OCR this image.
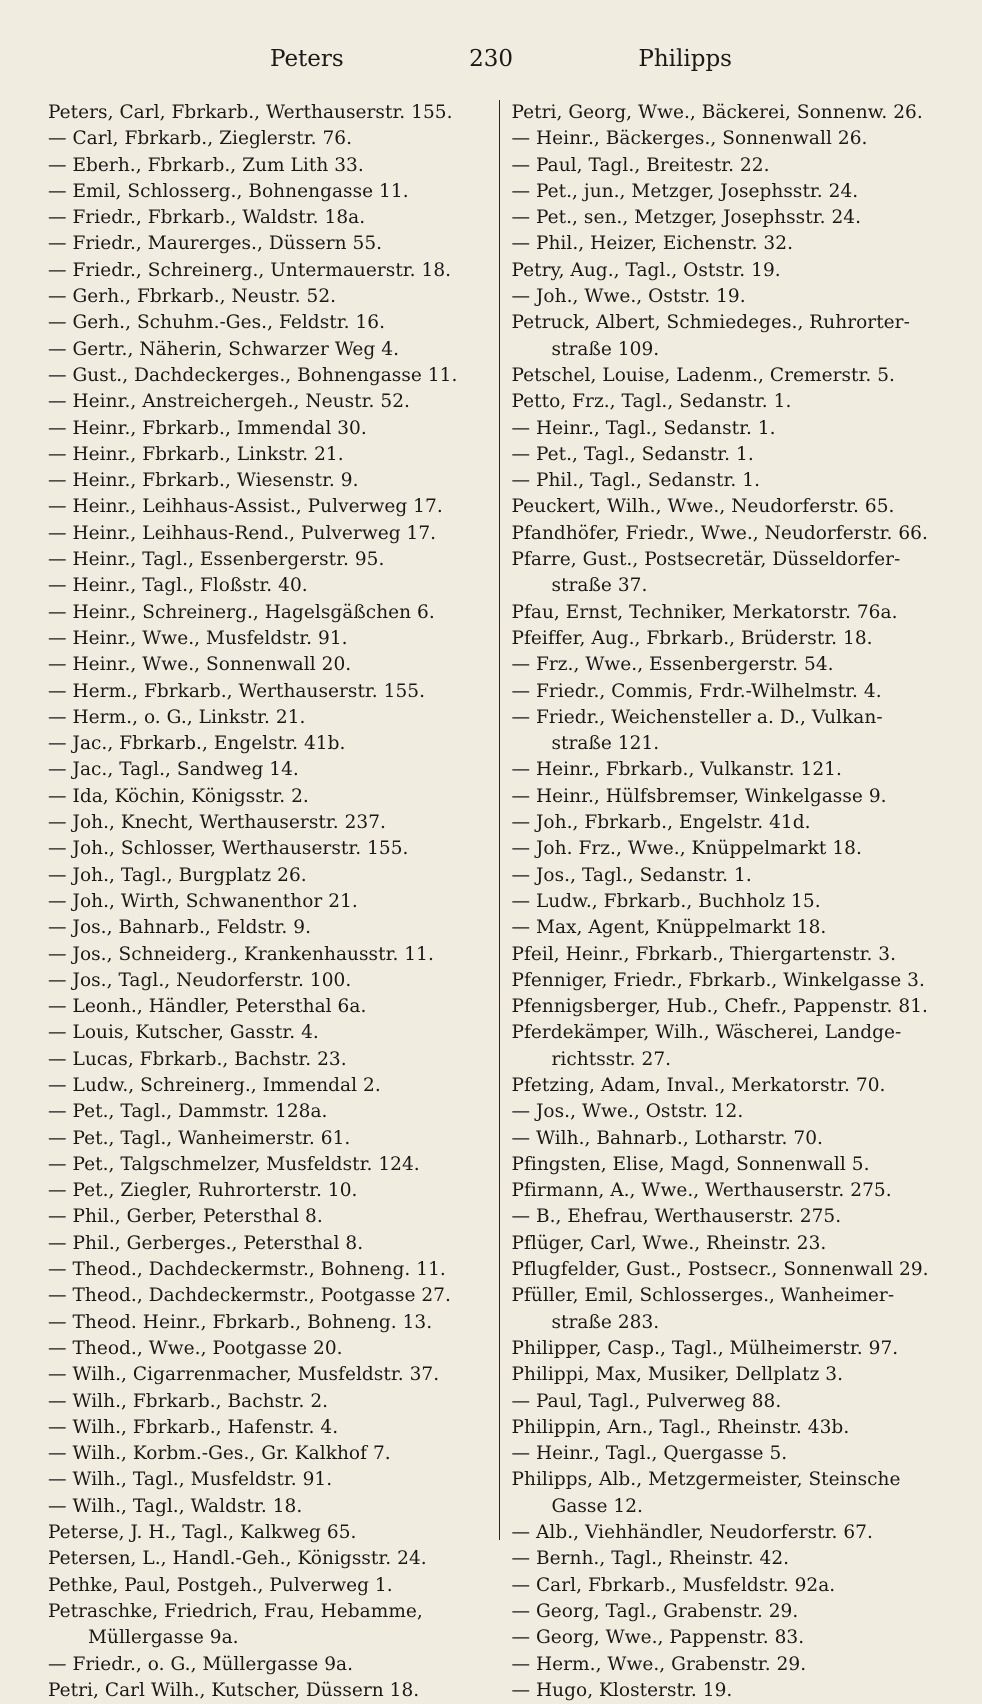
Peters	230	Philipps
Peters, Carl, Fbrkarb., Werthauserstr. 155.
— Carl, Fbrkarb., Zieglerstr. 76.
— Eberh., Fbrkarb., Zum Lith 33.
— Emil, Schlosserg., Bohnengasse 11.
— Friedr., Fbrkarb., Waldstr. 18a.
— Friedr., Maurerges., Düssern 55.
— Friedr., Schreinerg., Untermauerstr. 18.
— Gerh., Fbrkarb., Neustr. 52.
— Gerh., Schuhm.-Ges., Feldstr. 16.
— Gertr., Näherin, Schwarzer Weg 4.
— Gust., Dachdeckerges., Bohnengasse 11.
— Heinr., Anstreichergeh., Neustr. 52.
— Heinr., Fbrkarb., Immendal 30.
— Heinr., Fbrkarb., Linkstr. 21.
— Heinr., Fbrkarb., Wiesenstr. 9.
— Heinr., Leihhaus-Assist., Pulverweg 17.
— Heinr., Leihhaus-Rend., Pulverweg 17.
— Heinr., Tagl., Essenbergerstr. 95.
— Heinr., Tagl., Floßstr. 40.
— Heinr., Schreinerg., Hagelsgäßchen 6.
— Heinr., Wwe., Musfeldstr. 91.
— Heinr., Wwe., Sonnenwall 20.
— Herm., Fbrkarb., Werthauserstr. 155.
— Herm., o. G., Linkstr. 21.
— Jac., Fbrkarb., Engelstr. 41b.
— Jac., Tagl., Sandweg 14.
— Ida, Köchin, Königsstr. 2.
— Joh., Knecht, Werthauserstr. 237.
— Joh., Schlosser, Werthauserstr. 155.
— Joh., Tagl., Burgplatz 26.
— Joh., Wirth, Schwanenthor 21.
— Jos., Bahnarb., Feldstr. 9.
— Jos., Schneiderg., Krankenhausstr. 11.
— Jos., Tagl., Neudorferstr. 100.
— Leonh., Händler, Petersthal 6a.
— Louis, Kutscher, Gasstr. 4.
— Lucas, Fbrkarb., Bachstr. 23.
— Ludw., Schreinerg., Immendal 2.
— Pet., Tagl., Dammstr. 128a.
— Pet., Tagl., Wanheimerstr. 61.
— Pet., Talgschmelzer, Musfeldstr. 124.
— Pet., Ziegler, Ruhrorterstr. 10.
— Phil., Gerber, Petersthal 8.
— Phil., Gerberges., Petersthal 8.
— Theod., Dachdeckermstr., Bohneng. 11.
— Theod., Dachdeckermstr., Pootgasse 27.
— Theod. Heinr., Fbrkarb., Bohneng. 13.
— Theod., Wwe., Pootgasse 20.
— Wilh., Cigarrenmacher, Musfeldstr. 37.
— Wilh., Fbrkarb., Bachstr. 2.
— Wilh., Fbrkarb., Hafenstr. 4.
— Wilh., Korbm.-Ges., Gr. Kalkhof 7.
— Wilh., Tagl., Musfeldstr. 91.
— Wilh., Tagl., Waldstr. 18.
Peterse, J. H., Tagl., Kalkweg 65.
Petersen, L., Handl.-Geh., Königsstr. 24.
Pethke, Paul, Postgeh., Pulverweg 1.
Petraschke, Friedrich, Frau, Hebamme,
Müllergasse 9a.
— Friedr., o. G., Müllergasse 9a.
Petri, Carl Wilh., Kutscher, Düssern 18.
Petri, Georg, Wwe., Bäckerei, Sonnenw. 26.
— Heinr., Bäckerges., Sonnenwall 26.
— Paul, Tagl., Breitestr. 22.
— Pet., jun., Metzger, Josephsstr. 24.
— Pet., sen., Metzger, Josephsstr. 24.
— Phil., Heizer, Eichenstr. 32.
Petry, Aug., Tagl., Oststr. 19.
— Joh., Wwe., Oststr. 19.
Petruck, Albert, Schmiedeges., Ruhrorter-
straße 109.
Petschel, Louise, Ladenm., Cremerstr. 5.
Petto, Frz., Tagl., Sedanstr. 1.
— Heinr., Tagl., Sedanstr. 1.
— Pet., Tagl., Sedanstr. 1.
— Phil., Tagl., Sedanstr. 1.
Peuckert, Wilh., Wwe., Neudorferstr. 65.
Pfandhöfer, Friedr., Wwe., Neudorferstr. 66.
Pfarre, Gust., Postsecretär, Düsseldorfer-
straße 37.
Pfau, Ernst, Techniker, Merkatorstr. 76a.
Pfeiffer, Aug., Fbrkarb., Brüderstr. 18.
— Frz., Wwe., Essenbergerstr. 54.
— Friedr., Commis, Frdr.-Wilhelmstr. 4.
— Friedr., Weichensteller a. D., Vulkan-
straße 121.
— Heinr., Fbrkarb., Vulkanstr. 121.
— Heinr., Hülfsbremser, Winkelgasse 9.
— Joh., Fbrkarb., Engelstr. 41d.
— Joh. Frz., Wwe., Knüppelmarkt 18.
— Jos., Tagl., Sedanstr. 1.
— Ludw., Fbrkarb., Buchholz 15.
— Max, Agent, Knüppelmarkt 18.
Pfeil, Heinr., Fbrkarb., Thiergartenstr. 3.
Pfenniger, Friedr., Fbrkarb., Winkelgasse 3.
Pfennigsberger, Hub., Chefr., Pappenstr. 81.
Pferdekämper, Wilh., Wäscherei, Landge-
richtsstr. 27.
Pfetzing, Adam, Inval., Merkatorstr. 70.
— Jos., Wwe., Oststr. 12.
— Wilh., Bahnarb., Lotharstr. 70.
Pfingsten, Elise, Magd, Sonnenwall 5.
Pfirmann, A., Wwe., Werthauserstr. 275.
— B., Ehefrau, Werthauserstr. 275.
Pflüger, Carl, Wwe., Rheinstr. 23.
Pflugfelder, Gust., Postsecr., Sonnenwall 29.
Pfüller, Emil, Schlosserges., Wanheimer-
straße 283.
Philipper, Casp., Tagl., Mülheimerstr. 97.
Philippi, Max, Musiker, Dellplatz 3.
— Paul, Tagl., Pulverweg 88.
Philippin, Arn., Tagl., Rheinstr. 43b.
— Heinr., Tagl., Quergasse 5.
Philipps, Alb., Metzgermeister, Steinsche
Gasse 12.
— Alb., Viehhändler, Neudorferstr. 67.
— Bernh., Tagl., Rheinstr. 42.
— Carl, Fbrkarb., Musfeldstr. 92a.
— Georg, Tagl., Grabenstr. 29.
— Georg, Wwe., Pappenstr. 83.
— Herm., Wwe., Grabenstr. 29.
— Hugo, Klosterstr. 19.
